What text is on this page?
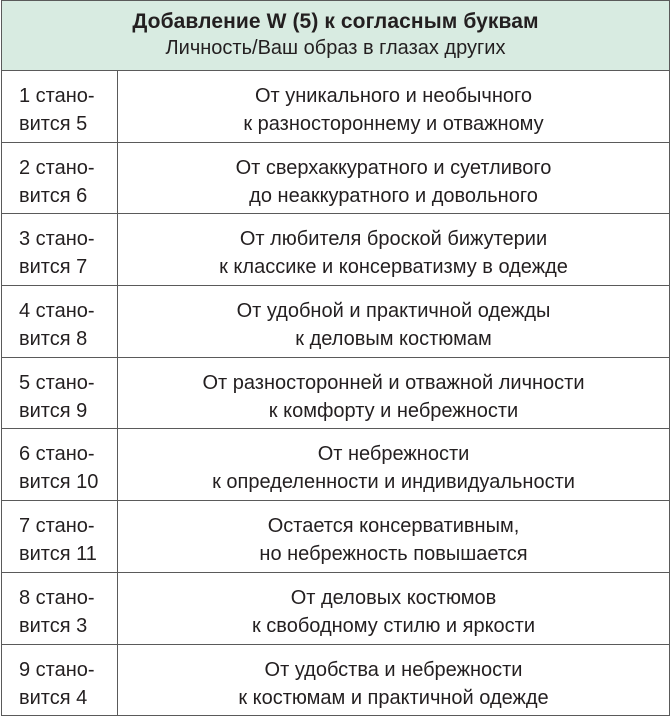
Добавление W (5) к согласным буквам
Личность/Ваш образ в глазах других
1 стано-
вится 5
От уникального и необычного
к разностороннему и отважному
2 стано-
вится 6
От сверхаккуратного и суетливого
до неаккуратного и довольного
3 стано-
вится 7
От любителя броской бижутерии
к классике и консерватизму в одежде
4 стано-
вится 8
От удобной и практичной одежды
к деловым костюмам
5 стано-
вится 9
От разносторонней и отважной личности
к комфорту и небрежности
6 стано-
вится 10
От небрежности
к определенности и индивидуальности
7 стано-
вится 11
Остается консервативным,
но небрежность повышается
8 стано-
вится 3
От деловых костюмов
к свободному стилю и яркости
9 стано-
вится 4
От удобства и небрежности
к костюмам и практичной одежде
